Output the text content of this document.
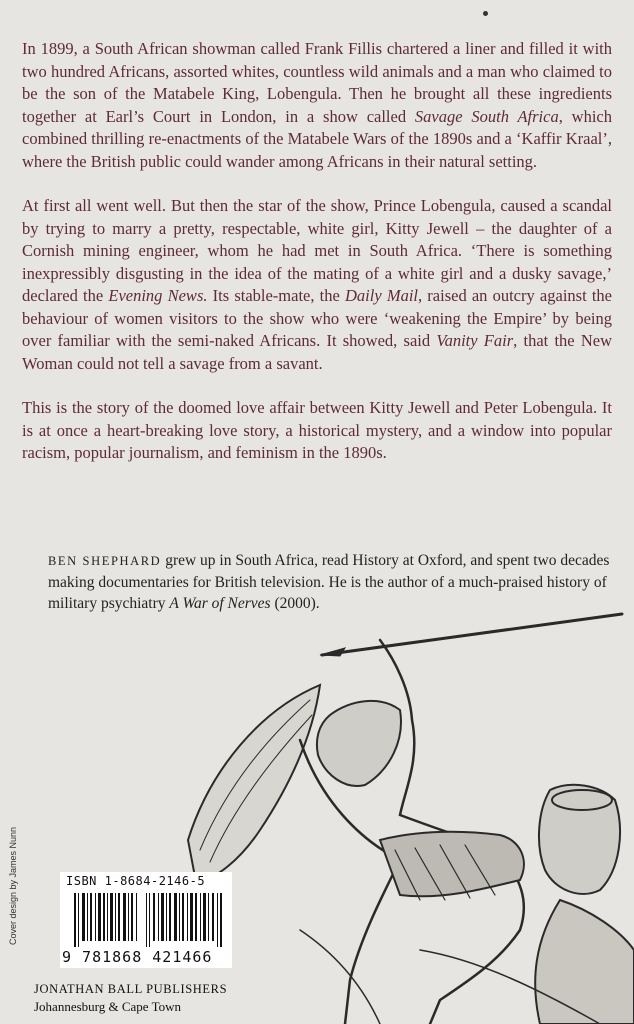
In 1899, a South African showman called Frank Fillis chartered a liner and filled it with two hundred Africans, assorted whites, countless wild animals and a man who claimed to be the son of the Matabele King, Lobengula. Then he brought all these ingredients together at Earl’s Court in London, in a show called Savage South Africa, which combined thrilling re-enactments of the Matabele Wars of the 1890s and a ‘Kaffir Kraal’, where the British public could wander among Africans in their natural setting.

At first all went well. But then the star of the show, Prince Lobengula, caused a scandal by trying to marry a pretty, respectable, white girl, Kitty Jewell – the daughter of a Cornish mining engineer, whom he had met in South Africa. ‘There is something inexpressibly disgusting in the idea of the mating of a white girl and a dusky savage,’ declared the Evening News. Its stable-mate, the Daily Mail, raised an outcry against the behaviour of women visitors to the show who were ‘weakening the Empire’ by being over familiar with the semi-naked Africans. It showed, said Vanity Fair, that the New Woman could not tell a savage from a savant.

This is the story of the doomed love affair between Kitty Jewell and Peter Lobengula. It is at once a heart-breaking love story, a historical mystery, and a window into popular racism, popular journalism, and feminism in the 1890s.

BEN SHEPHARD grew up in South Africa, read History at Oxford, and spent two decades making documentaries for British television. He is the author of a much-praised history of military psychiatry A War of Nerves (2000).
Cover design by James Nunn	ISBN 1-8684-2146-5
9 781868 421466
JONATHAN BALL PUBLISHERS
Johannesburg & Cape Town
